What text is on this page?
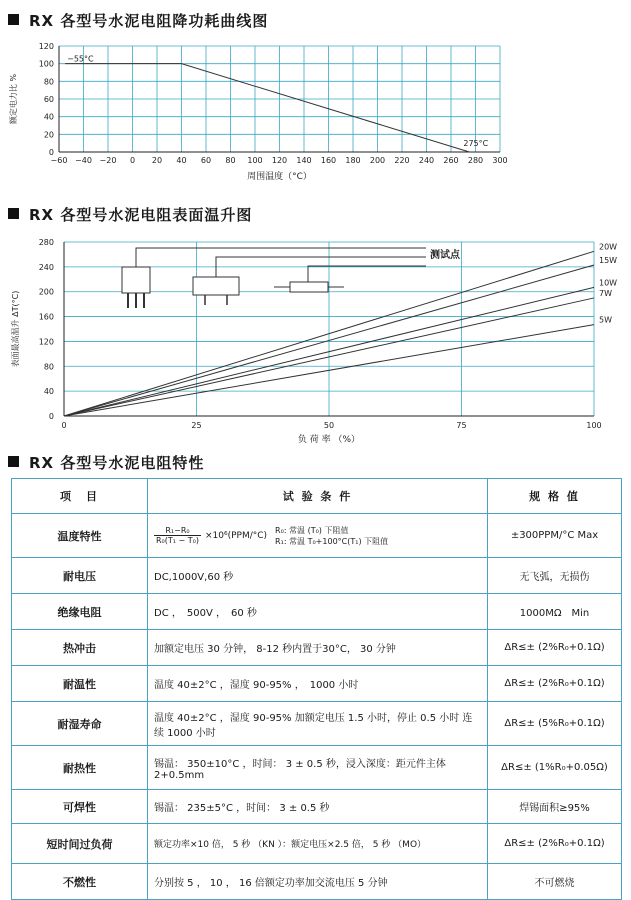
RX 各型号水泥电阻降功耗曲线图
−60 −40 −20 0 20 40 60 80 100 120 140 160 180 200 220 240 260 280 300
0
20
40
60
80
100
120
−55°C
275°C
周围温度（°C）
额定电力比 %
RX 各型号水泥电阻表面温升图
0
40
80
120
160
200
240
280
0	25	50	75	100
20W
15W
10W
7W
5W
负 荷 率 （%）
表面最高温升 ΔT(°C)
测试点
RX 各型号水泥电阻特性
项　目	试 验 条 件	规 格 值
温度特性	$\frac{\text{R₁−R₀}}{\text{R₀(T₁ − T₀)}} \times 10^6(PPM/^\circ C)$
R₀: 常温 (T₀) 下阻值
R₁: 常温 T₀+100°C(T₁) 下阻值	±300PPM/°C Max
耐电压	DC,1000V,60 秒	无飞弧，无损伤
绝缘电阻	DC ，　500V ，　60 秒	1000MΩ　Min
热冲击	加额定电压 30 分钟， 8-12 秒内置于30°C， 30 分钟	ΔR≤± (2%R₀+0.1Ω)
耐温性	温度 40±2°C ，湿度 90-95% ，　1000 小时	ΔR≤± (2%R₀+0.1Ω)
耐湿寿命	温度 40±2°C ，湿度 90-95% 加额定电压 1.5 小时，停止 0.5 小时 连续 1000 小时	ΔR≤± (5%R₀+0.1Ω)
耐热性	锡温： 350±10°C ，时间： 3 ± 0.5 秒，浸入深度：距元件主体 2+0.5mm	ΔR≤± (1%R₀+0.05Ω)
可焊性	锡温： 235±5°C ，时间： 3 ± 0.5 秒	焊锡面积≥95%
短时间过负荷	额定功率×10 倍， 5 秒 （KN ）：额定电压×2.5 倍， 5 秒 （MO）	ΔR≤± (2%R₀+0.1Ω)
不燃性	分别按 5 ， 10 ， 16 倍额定功率加交流电压 5 分钟	不可燃烧
